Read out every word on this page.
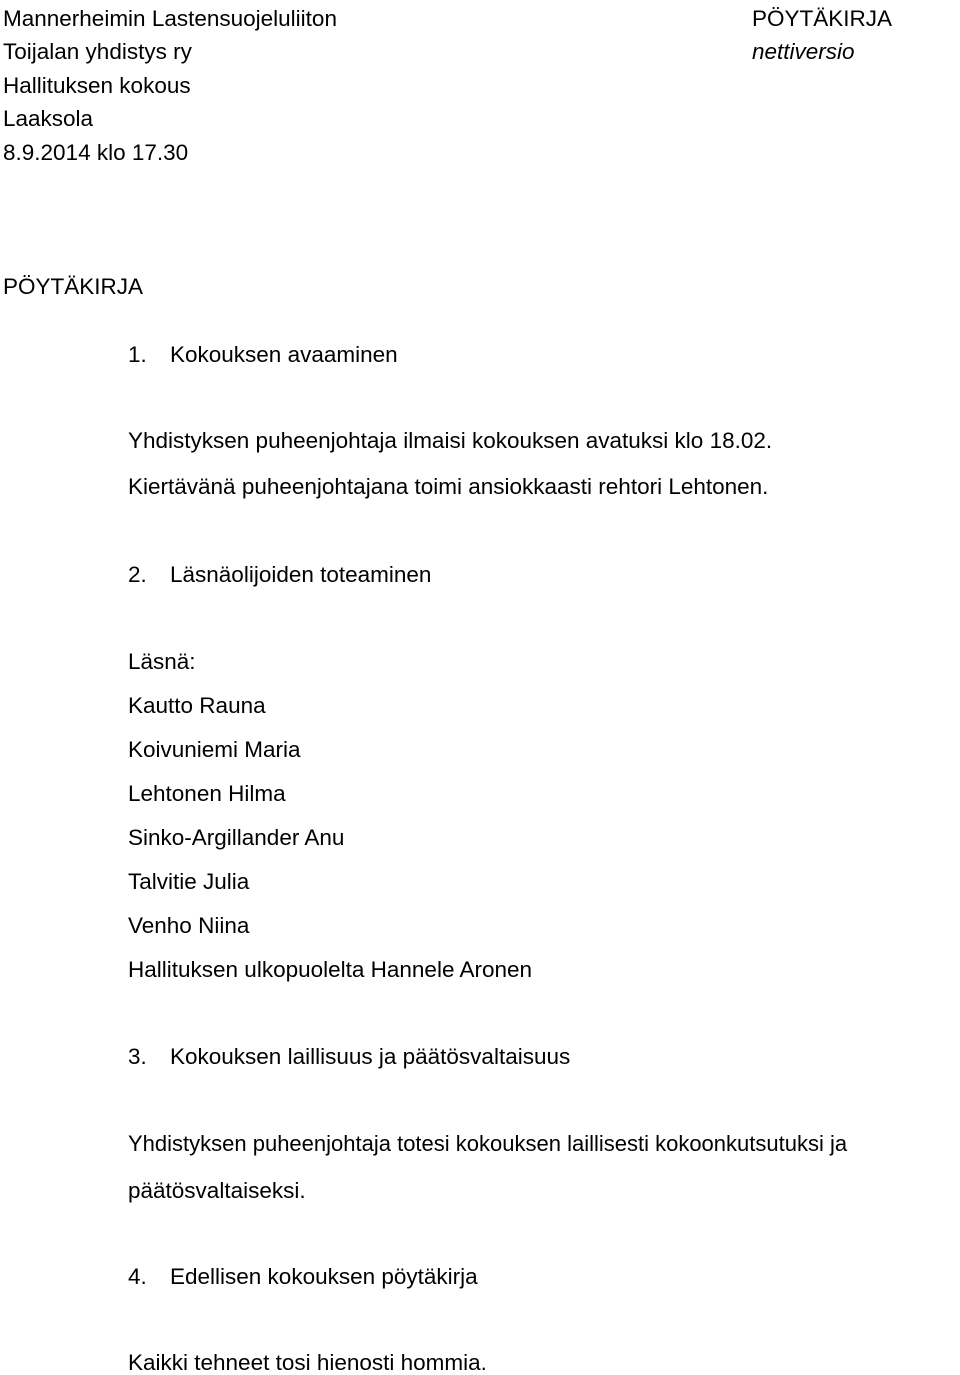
Mannerheimin Lastensuojeluliiton
Toijalan yhdistys ry
Hallituksen kokous
Laaksola
8.9.2014 klo 17.30
PÖYTÄKIRJA
nettiversio
PÖYTÄKIRJA
1. Kokouksen avaaminen
Yhdistyksen puheenjohtaja ilmaisi kokouksen avatuksi klo 18.02.
Kiertävänä puheenjohtajana toimi ansiokkaasti rehtori Lehtonen.
2. Läsnäolijoiden toteaminen
Läsnä:
Kautto Rauna
Koivuniemi Maria
Lehtonen Hilma
Sinko-Argillander Anu
Talvitie Julia
Venho Niina
Hallituksen ulkopuolelta Hannele Aronen
3. Kokouksen laillisuus ja päätösvaltaisuus
Yhdistyksen puheenjohtaja totesi kokouksen laillisesti kokoonkutsutuksi ja
päätösvaltaiseksi.
4. Edellisen kokouksen pöytäkirja
Kaikki tehneet tosi hienosti hommia.
